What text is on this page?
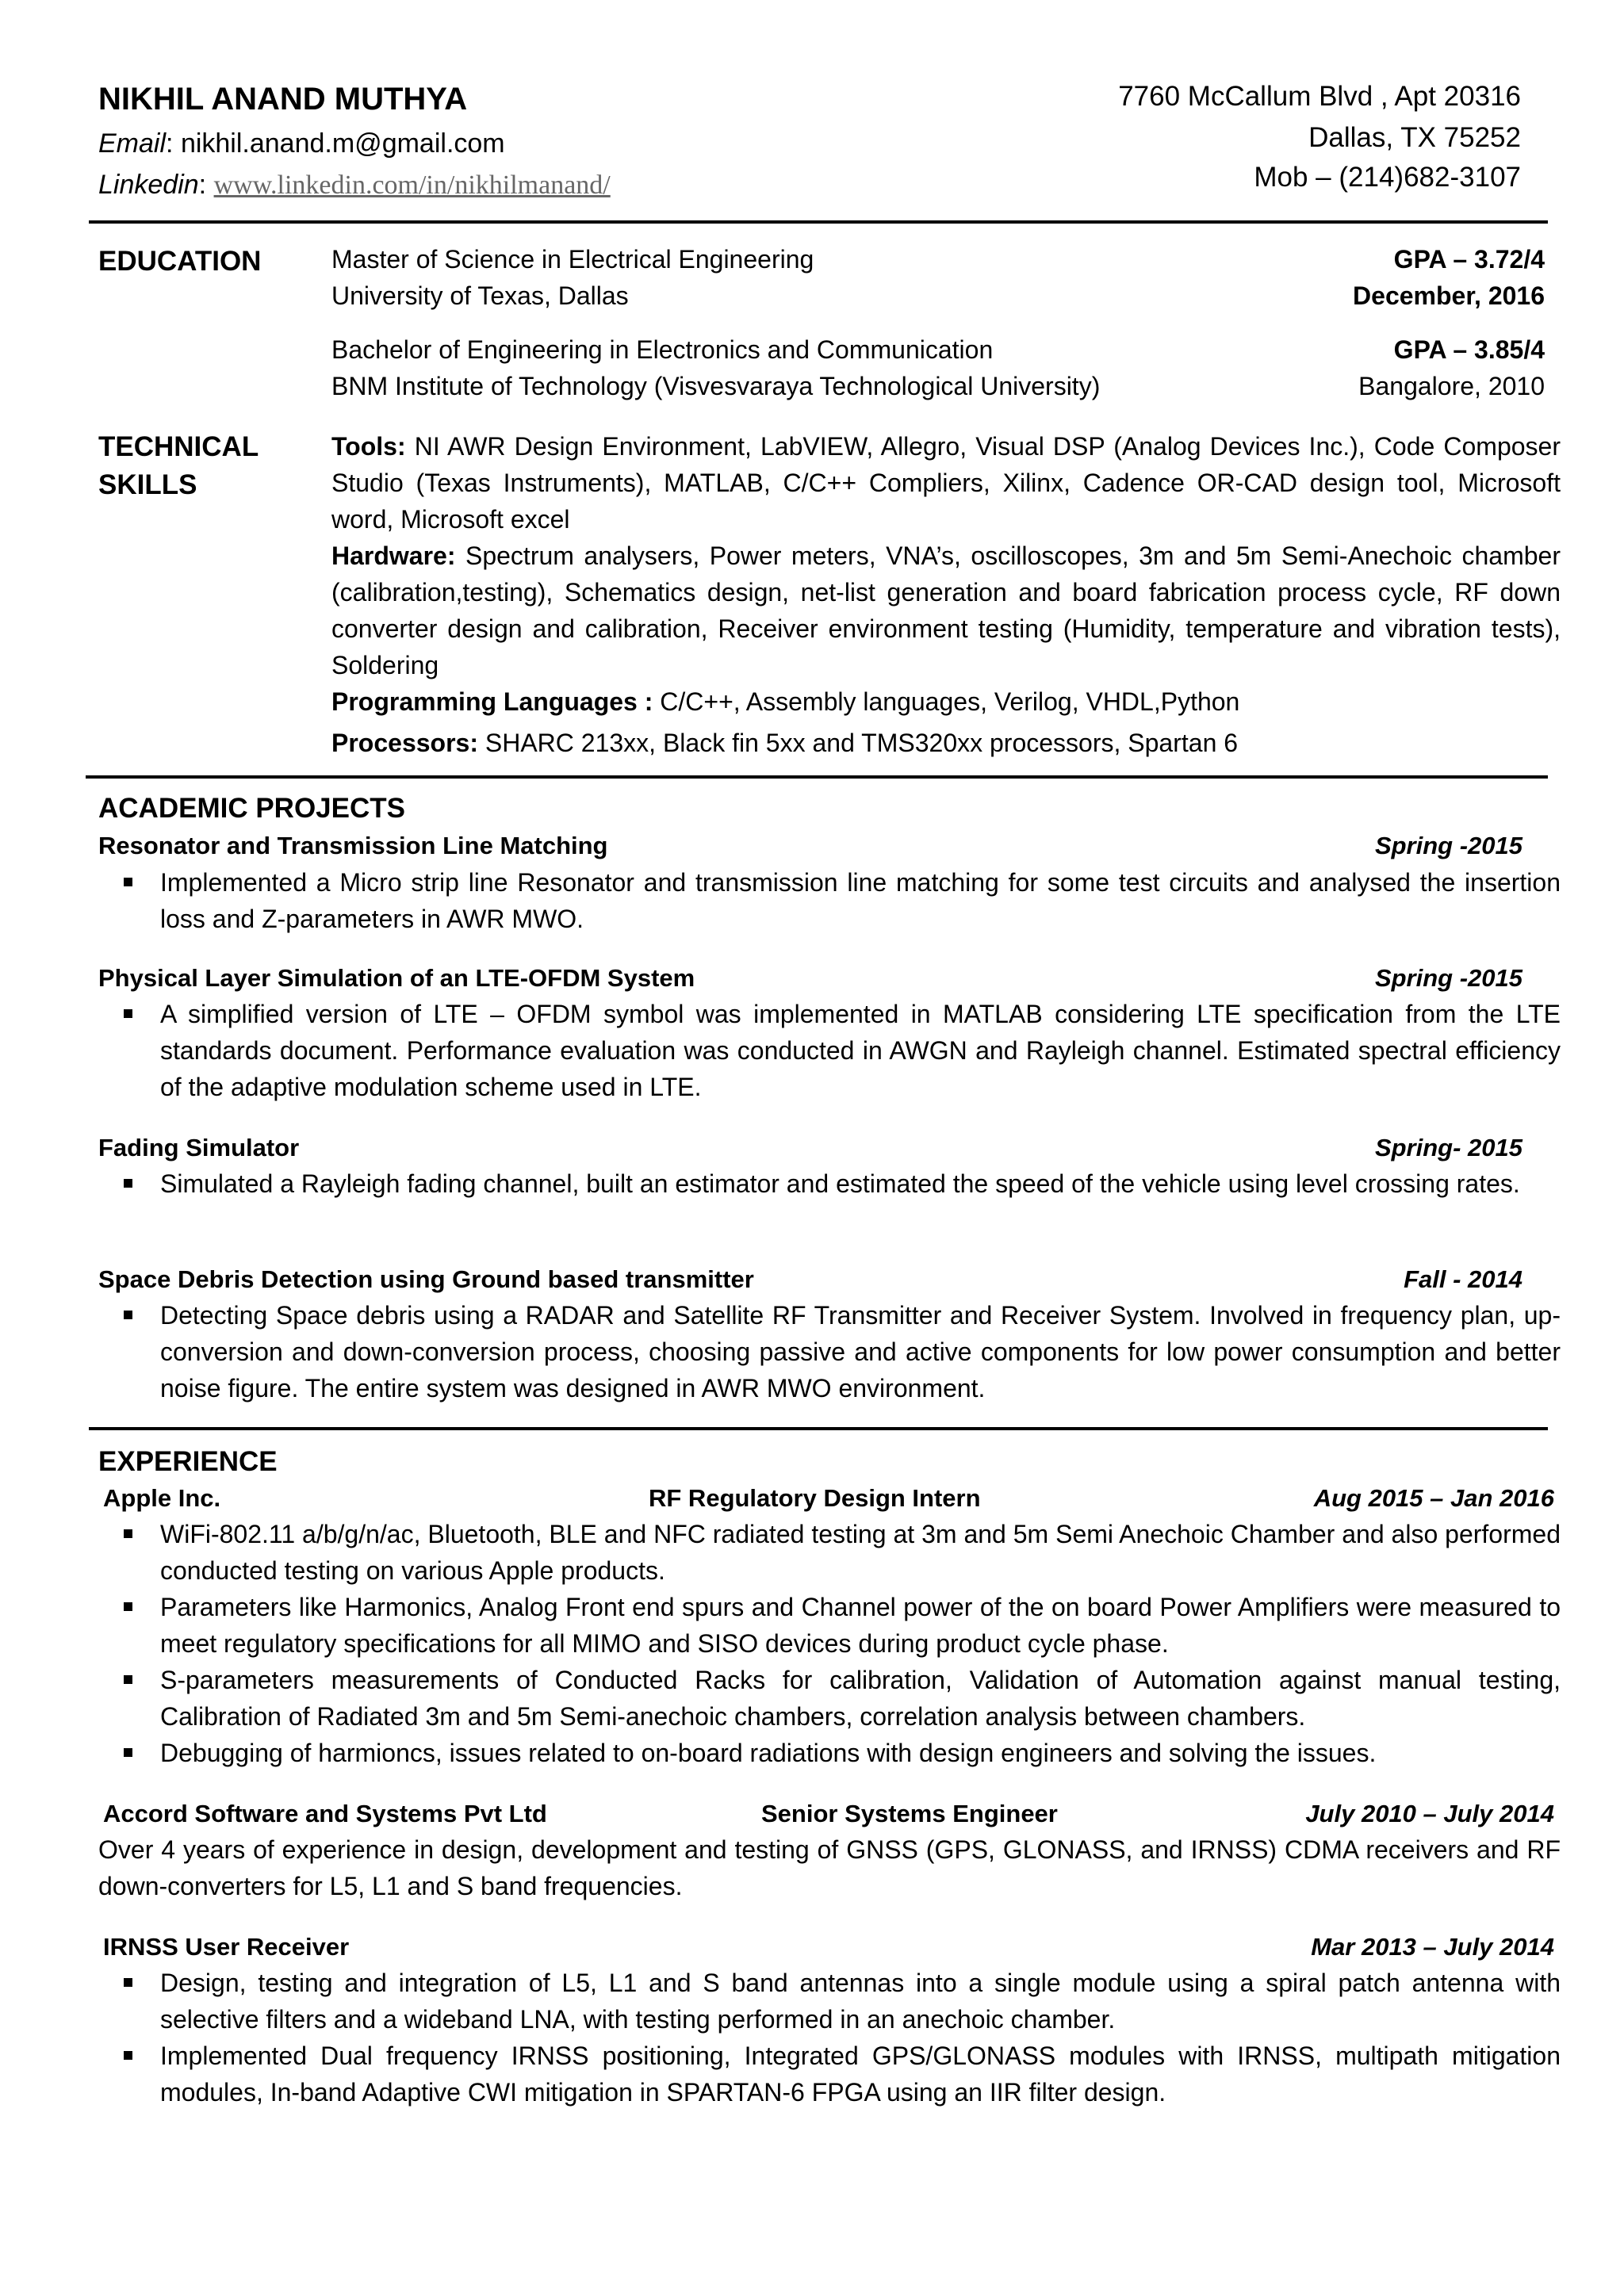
NIKHIL ANAND MUTHYA
Email: nikhil.anand.m@gmail.com
Linkedin: www.linkedin.com/in/nikhilmanand/
7760 McCallum Blvd , Apt 20316
Dallas, TX 75252
Mob – (214)682-3107
EDUCATION	Master of Science in Electrical Engineering	GPA – 3.72/4
University of Texas, Dallas	December, 2016
Bachelor of Engineering in Electronics and Communication	GPA – 3.85/4
BNM Institute of Technology (Visvesvaraya Technological University)	Bangalore, 2010
TECHNICAL
SKILLS

Tools: NI AWR Design Environment, LabVIEW, Allegro, Visual DSP (Analog Devices Inc.), Code Composer Studio (Texas Instruments), MATLAB, C/C++ Compliers, Xilinx, Cadence OR-CAD design tool, Microsoft word, Microsoft excel

Hardware: Spectrum analysers, Power meters, VNA’s, oscilloscopes, 3m and 5m Semi-Anechoic chamber (calibration,testing), Schematics design, net-list generation and board fabrication process cycle, RF down converter design and calibration, Receiver environment testing (Humidity, temperature and vibration tests), Soldering

Programming Languages : C/C++, Assembly languages, Verilog, VHDL,Python

Processors: SHARC 213xx, Black fin 5xx and TMS320xx processors, Spartan 6

ACADEMIC PROJECTS
Resonator and Transmission Line Matching	Spring -2015
Implemented a Micro strip line Resonator and transmission line matching for some test circuits and analysed the insertion loss and Z-parameters in AWR MWO.
Physical Layer Simulation of an LTE-OFDM System	Spring -2015
A simplified version of LTE – OFDM symbol was implemented in MATLAB considering LTE specification from the LTE standards document. Performance evaluation was conducted in AWGN and Rayleigh channel. Estimated spectral efficiency of the adaptive modulation scheme used in LTE.
Fading Simulator	Spring- 2015
Simulated a Rayleigh fading channel, built an estimator and estimated the speed of the vehicle using level crossing rates.
Space Debris Detection using Ground based transmitter	Fall - 2014
Detecting Space debris using a RADAR and Satellite RF Transmitter and Receiver System. Involved in frequency plan, up-conversion and down-conversion process, choosing passive and active components for low power consumption and better noise figure. The entire system was designed in AWR MWO environment.
EXPERIENCE
Apple Inc.	RF Regulatory Design Intern	Aug 2015 – Jan 2016
WiFi-802.11 a/b/g/n/ac, Bluetooth, BLE and NFC radiated testing at 3m and 5m Semi Anechoic Chamber and also performed conducted testing on various Apple products.
Parameters like Harmonics, Analog Front end spurs and Channel power of the on board Power Amplifiers were measured to meet regulatory specifications for all MIMO and SISO devices during product cycle phase.
S-parameters measurements of Conducted Racks for calibration, Validation of Automation against manual testing, Calibration of Radiated 3m and 5m Semi-anechoic chambers, correlation analysis between chambers.
Debugging of harmioncs, issues related to on-board radiations with design engineers and solving the issues.
Accord Software and Systems Pvt Ltd	Senior Systems Engineer	July 2010 – July 2014
Over 4 years of experience in design, development and testing of GNSS (GPS, GLONASS, and IRNSS) CDMA receivers and RF down-converters for L5, L1 and S band frequencies.
IRNSS User Receiver	Mar 2013 – July 2014
Design, testing and integration of L5, L1 and S band antennas into a single module using a spiral patch antenna with selective filters and a wideband LNA, with testing performed in an anechoic chamber.
Implemented Dual frequency IRNSS positioning, Integrated GPS/GLONASS modules with IRNSS, multipath mitigation modules, In-band Adaptive CWI mitigation in SPARTAN-6 FPGA using an IIR filter design.
